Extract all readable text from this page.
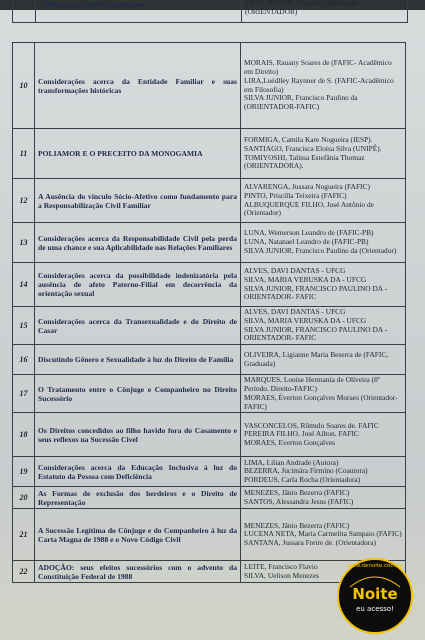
reflexos nos conflitos familiares	SILVA JUNIOR, Francisco Paulino da
(ORIENTADOR)
10	Considerações acerca da Entidade Familiar e suas transformações históricas	MORAIS, Rauany Soares de (FAFIC- Acadêmico em Direito)
LIRA,Luédlley Raynner de S. (FAFIC-Acadêmico em Filosofia)
SILVA JUNIOR, Francisco Paulino da (ORIENTADOR-FAFIC)

11	POLIAMOR E O PRECEITO DA MONOGAMIA	FORMIGA, Camila Kare Nogueira (IESP).
SANTIAGO, Francisca Eloisa Silva (UNIPÊ).
TOMIYOSHI, Talissa Estefânia Thomaz (ORIENTADORA).

12	A Ausência do vínculo Sócio-Afetivo como fundamento para a Responsabilização Civil Familiar	ALVARENGA, Jussara Nogueira (FAFIC)
PINTO, Priscilla Teixeira (FAFIC)
ALBUQUERQUE FILHO, José Antônio de (Orientador)

13	Considerações acerca da Responsabilidade Civil pela perda de uma chance e sua Aplicabilidade nas Relações Familiares	LUNA, Wemerson Leandro de (FAFIC-PB)
LUNA, Natanael Leandro de (FAFIC-PB)
SILVA JUNIOR, Francisco Paulino da (Orientador)

14	Considerações acerca da possibilidade indenizatória pela ausência de afeto Paterno-Filial em decorrência da orientação sexual	ALVES, DAVI DANTAS - UFCG
SILVA, MARIA VERUSKA DA - UFCG
SILVA JUNIOR, FRANCISCO PAULINO DA - ORIENTADOR- FAFIC

15	Considerações acerca da Transexualidade e do Direito de Casar	ALVES, DAVI DANTAS - UFCG
SILVA, MARIA VERUSKA DA - UFCG
SILVA JUNIOR, FRANCISCO PAULINO DA - ORIENTADOR- FAFIC

16	Discutindo Gênero e Sexualidade à luz do Direito de Família	OLIVEIRA, Ligianne Maria Beserra de (FAFIC, Graduada)

17	O Tratamento entre o Cônjuge e Companheiro no Direito Sucessório	MARQUES, Louise Hermania de Oliveira (8º Período. Direito-FAFIC)
MORAES, Éverton Gonçalves Moraes (Orientador-FAFIC)

18	Os Direitos concedidos ao filho havido fora do Casamento e seus reflexos na Sucessão Civel	VASCONCELOS, Rômulo Soares de. FAFIC
PEREIRA FILHO, José Ailton. FAFIC
MORAES, Everton Gonçalves

19	Considerações acerca da Educação Inclusiva à luz do Estatuto da Pessoa com Deficiência	LIMA, Lilian Andrade (Autora)
BEZERRA, Jucimára Firmino (Coautora)
PORDEUS, Carla Rocha (Orientadora)

20	As Formas de exclusão dos herdeiros e o Direito de Representação	MENEZES, Jânio Bezerra (FAFIC)
SANTOS, Alessandra Jesus (FAFIC)

21	A Sucessão Legítima do Cônjuge e do Companheiro à luz da Carta Magna de 1988 e o Novo Código Civil	MENEZES, Jânio Bezerra (FAFIC)
LUCENA NETA, Maria Carmelita Sampaio (FAFIC)
SANTANA, Jussara Freire de. (Orientadora)

22	ADOÇÃO: seus efeitos sucessórios com o advento da Constituição Federal de 1988	LEITE, Francisco Flavio
SILVA, Uelison Menezes
www.denoite.com.br
Noite
eu acesso!
